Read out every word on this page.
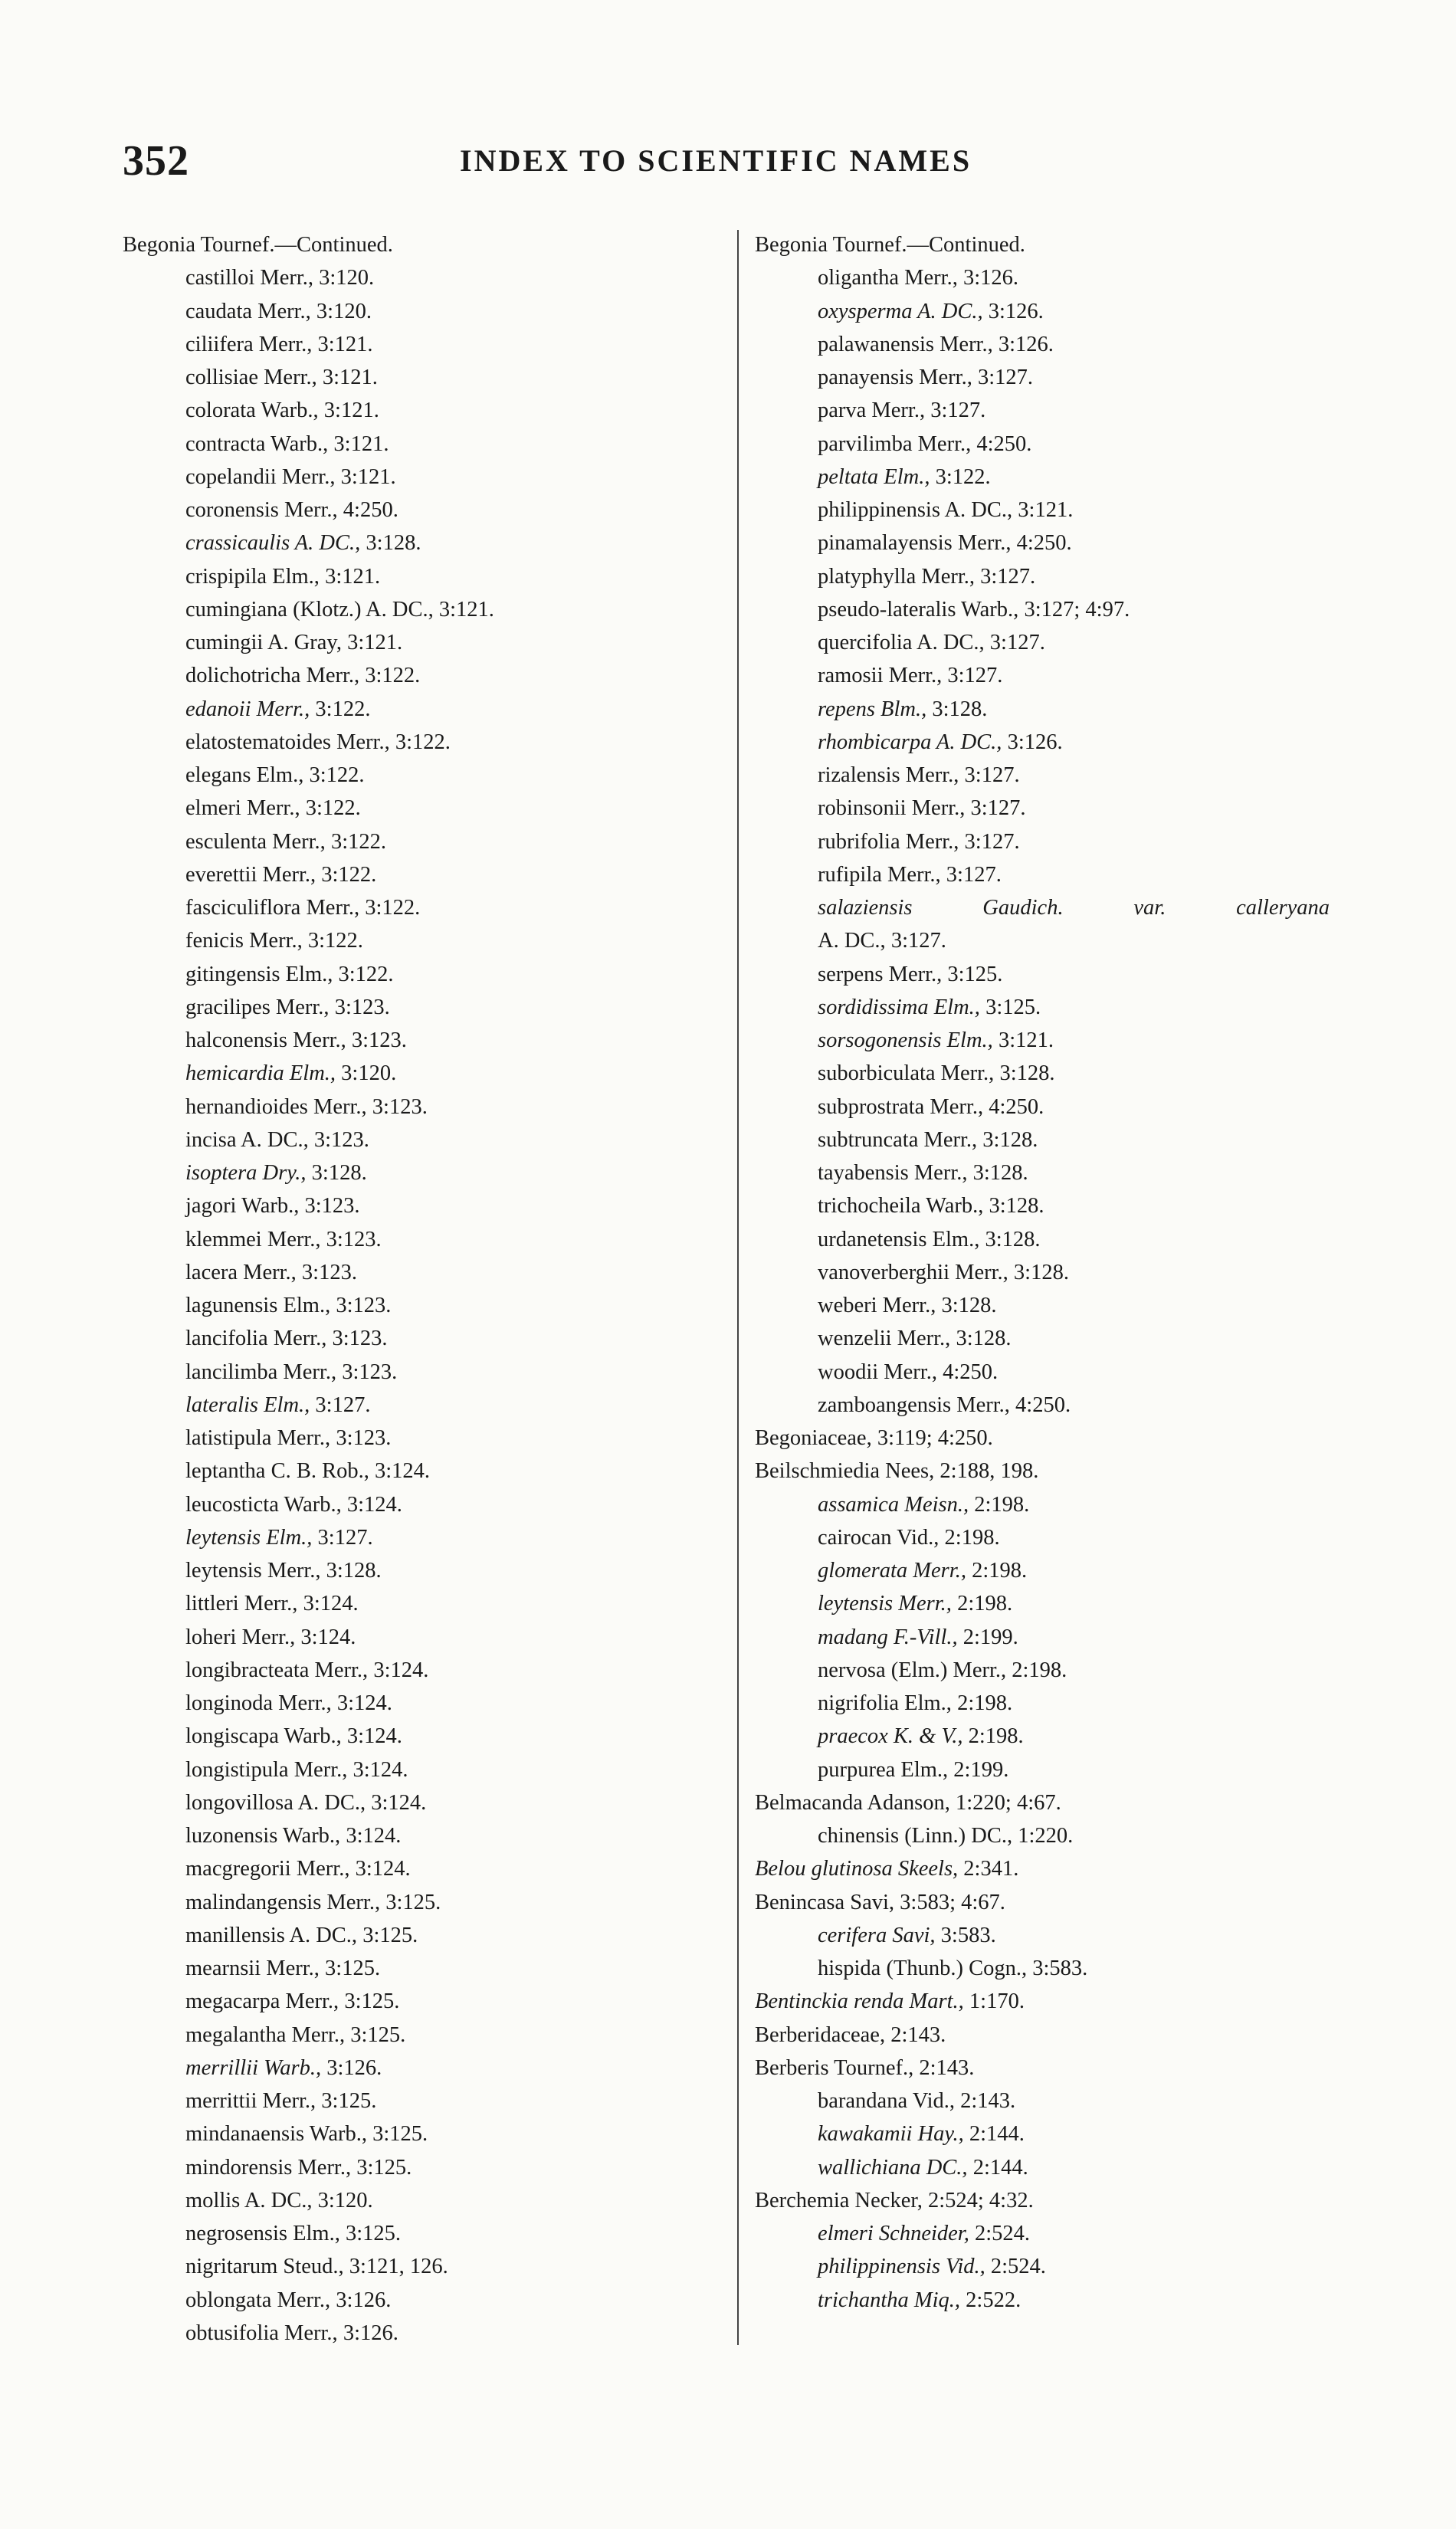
352	INDEX TO SCIENTIFIC NAMES
Begonia Tournef.—Continued.
castilloi Merr., 3:120.
caudata Merr., 3:120.
ciliifera Merr., 3:121.
collisiae Merr., 3:121.
colorata Warb., 3:121.
contracta Warb., 3:121.
copelandii Merr., 3:121.
coronensis Merr., 4:250.
crassicaulis A. DC., 3:128.
crispipila Elm., 3:121.
cumingiana (Klotz.) A. DC., 3:121.
cumingii A. Gray, 3:121.
dolichotricha Merr., 3:122.
edanoii Merr., 3:122.
elatostematoides Merr., 3:122.
elegans Elm., 3:122.
elmeri Merr., 3:122.
esculenta Merr., 3:122.
everettii Merr., 3:122.
fasciculiflora Merr., 3:122.
fenicis Merr., 3:122.
gitingensis Elm., 3:122.
gracilipes Merr., 3:123.
halconensis Merr., 3:123.
hemicardia Elm., 3:120.
hernandioides Merr., 3:123.
incisa A. DC., 3:123.
isoptera Dry., 3:128.
jagori Warb., 3:123.
klemmei Merr., 3:123.
lacera Merr., 3:123.
lagunensis Elm., 3:123.
lancifolia Merr., 3:123.
lancilimba Merr., 3:123.
lateralis Elm., 3:127.
latistipula Merr., 3:123.
leptantha C. B. Rob., 3:124.
leucosticta Warb., 3:124.
leytensis Elm., 3:127.
leytensis Merr., 3:128.
littleri Merr., 3:124.
loheri Merr., 3:124.
longibracteata Merr., 3:124.
longinoda Merr., 3:124.
longiscapa Warb., 3:124.
longistipula Merr., 3:124.
longovillosa A. DC., 3:124.
luzonensis Warb., 3:124.
macgregorii Merr., 3:124.
malindangensis Merr., 3:125.
manillensis A. DC., 3:125.
mearnsii Merr., 3:125.
megacarpa Merr., 3:125.
megalantha Merr., 3:125.
merrillii Warb., 3:126.
merrittii Merr., 3:125.
mindanaensis Warb., 3:125.
mindorensis Merr., 3:125.
mollis A. DC., 3:120.
negrosensis Elm., 3:125.
nigritarum Steud., 3:121, 126.
oblongata Merr., 3:126.
obtusifolia Merr., 3:126.
Begonia Tournef.—Continued.
oligantha Merr., 3:126.
oxysperma A. DC., 3:126.
palawanensis Merr., 3:126.
panayensis Merr., 3:127.
parva Merr., 3:127.
parvilimba Merr., 4:250.
peltata Elm., 3:122.
philippinensis A. DC., 3:121.
pinamalayensis Merr., 4:250.
platyphylla Merr., 3:127.
pseudo-lateralis Warb., 3:127; 4:97.
quercifolia A. DC., 3:127.
ramosii Merr., 3:127.
repens Blm., 3:128.
rhombicarpa A. DC., 3:126.
rizalensis Merr., 3:127.
robinsonii Merr., 3:127.
rubrifolia Merr., 3:127.
rufipila Merr., 3:127.
salaziensis Gaudich. var. calleryana
A. DC., 3:127.
serpens Merr., 3:125.
sordidissima Elm., 3:125.
sorsogonensis Elm., 3:121.
suborbiculata Merr., 3:128.
subprostrata Merr., 4:250.
subtruncata Merr., 3:128.
tayabensis Merr., 3:128.
trichocheila Warb., 3:128.
urdanetensis Elm., 3:128.
vanoverberghii Merr., 3:128.
weberi Merr., 3:128.
wenzelii Merr., 3:128.
woodii Merr., 4:250.
zamboangensis Merr., 4:250.
Begoniaceae, 3:119; 4:250.
Beilschmiedia Nees, 2:188, 198.
assamica Meisn., 2:198.
cairocan Vid., 2:198.
glomerata Merr., 2:198.
leytensis Merr., 2:198.
madang F.-Vill., 2:199.
nervosa (Elm.) Merr., 2:198.
nigrifolia Elm., 2:198.
praecox K. & V., 2:198.
purpurea Elm., 2:199.
Belmacanda Adanson, 1:220; 4:67.
chinensis (Linn.) DC., 1:220.
Belou glutinosa Skeels, 2:341.
Benincasa Savi, 3:583; 4:67.
cerifera Savi, 3:583.
hispida (Thunb.) Cogn., 3:583.
Bentinckia renda Mart., 1:170.
Berberidaceae, 2:143.
Berberis Tournef., 2:143.
barandana Vid., 2:143.
kawakamii Hay., 2:144.
wallichiana DC., 2:144.
Berchemia Necker, 2:524; 4:32.
elmeri Schneider, 2:524.
philippinensis Vid., 2:524.
trichantha Miq., 2:522.
